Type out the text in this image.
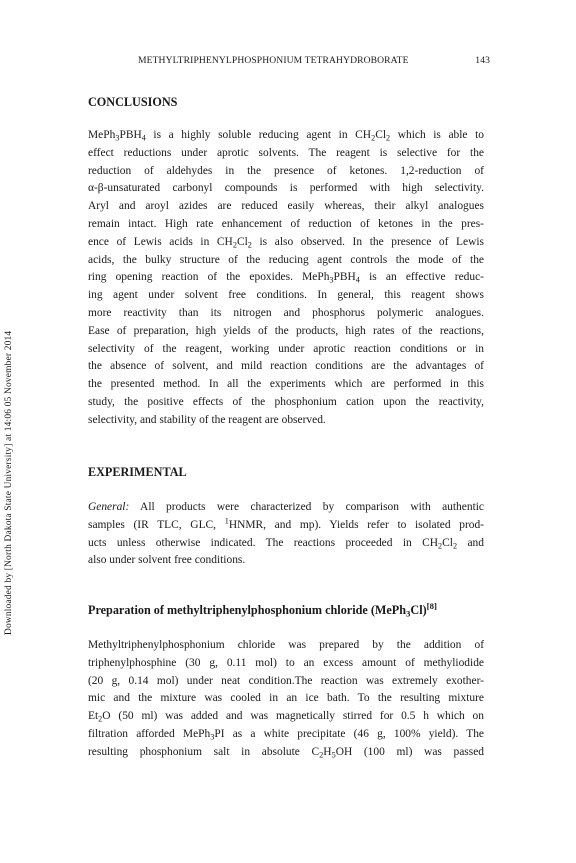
METHYLTRIPHENYLPHOSPHONIUM TETRAHYDROBORATE	143
Downloaded by [North Dakota State University] at 14:06 05 November 2014
CONCLUSIONS
$MePh_3PBH_4$ is a highly soluble reducing agent in $CH_2Cl_2$ which is able to
effect reductions under aprotic solvents. The reagent is selective for the
reduction of aldehydes in the presence of ketones. 1,2-reduction of
α-β-unsaturated carbonyl compounds is performed with high selectivity.
Aryl and aroyl azides are reduced easily whereas, their alkyl analogues
remain intact. High rate enhancement of reduction of ketones in the pres-
ence of Lewis acids in $CH_2Cl_2$ is also observed. In the presence of Lewis
acids, the bulky structure of the reducing agent controls the mode of the
ring opening reaction of the epoxides. $MePh_3PBH_4$ is an effective reduc-
ing agent under solvent free conditions. In general, this reagent shows
more reactivity than its nitrogen and phosphorus polymeric analogues.
Ease of preparation, high yields of the products, high rates of the reactions,
selectivity of the reagent, working under aprotic reaction conditions or in
the absence of solvent, and mild reaction conditions are the advantages of
the presented method. In all the experiments which are performed in this
study, the positive effects of the phosphonium cation upon the reactivity,
selectivity, and stability of the reagent are observed.
EXPERIMENTAL
General: All products were characterized by comparison with authentic
samples (IR TLC, GLC, $^1$HNMR, and mp). Yields refer to isolated prod-
ucts unless otherwise indicated. The reactions proceeded in $CH_2Cl_2$ and
also under solvent free conditions.
Preparation of methyltriphenylphosphonium chloride (MePh$_3$Cl)[8]
Methyltriphenylphosphonium chloride was prepared by the addition of
triphenylphosphine (30 g, 0.11 mol) to an excess amount of methyliodide
(20 g, 0.14 mol) under neat condition.The reaction was extremely exother-
mic and the mixture was cooled in an ice bath. To the resulting mixture
$Et_2O$ (50 ml) was added and was magnetically stirred for 0.5 h which on
filtration afforded MePh$_3$PI as a white precipitate (46 g, 100% yield). The
resulting phosphonium salt in absolute $C_2H_5OH$ (100 ml) was passed
